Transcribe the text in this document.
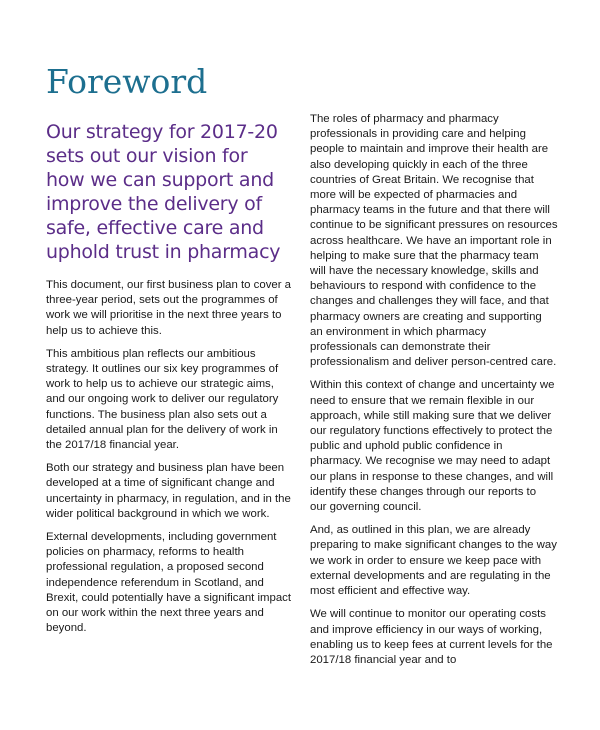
Foreword
Our strategy for 2017-20
sets out our vision for
how we can support and
improve the delivery of
safe, effective care and
uphold trust in pharmacy

This document, our first business plan to cover a
three-year period, sets out the programmes of
work we will prioritise in the next three years to
help us to achieve this.

This ambitious plan reflects our ambitious
strategy. It outlines our six key programmes of
work to help us to achieve our strategic aims,
and our ongoing work to deliver our regulatory
functions. The business plan also sets out a
detailed annual plan for the delivery of work in
the 2017/18 financial year.

Both our strategy and business plan have been
developed at a time of significant change and
uncertainty in pharmacy, in regulation, and in the
wider political background in which we work.

External developments, including government
policies on pharmacy, reforms to health
professional regulation, a proposed second
independence referendum in Scotland, and
Brexit, could potentially have a significant impact
on our work within the next three years and
beyond.

The roles of pharmacy and pharmacy
professionals in providing care and helping
people to maintain and improve their health are
also developing quickly in each of the three
countries of Great Britain. We recognise that
more will be expected of pharmacies and
pharmacy teams in the future and that there will
continue to be significant pressures on resources
across healthcare. We have an important role in
helping to make sure that the pharmacy team
will have the necessary knowledge, skills and
behaviours to respond with confidence to the
changes and challenges they will face, and that
pharmacy owners are creating and supporting
an environment in which pharmacy
professionals can demonstrate their
professionalism and deliver person-centred care.

Within this context of change and uncertainty we
need to ensure that we remain flexible in our
approach, while still making sure that we deliver
our regulatory functions effectively to protect the
public and uphold public confidence in
pharmacy. We recognise we may need to adapt
our plans in response to these changes, and will
identify these changes through our reports to
our governing council.

And, as outlined in this plan, we are already
preparing to make significant changes to the way
we work in order to ensure we keep pace with
external developments and are regulating in the
most efficient and effective way.

We will continue to monitor our operating costs
and improve efficiency in our ways of working,
enabling us to keep fees at current levels for the
2017/18 financial year and to
